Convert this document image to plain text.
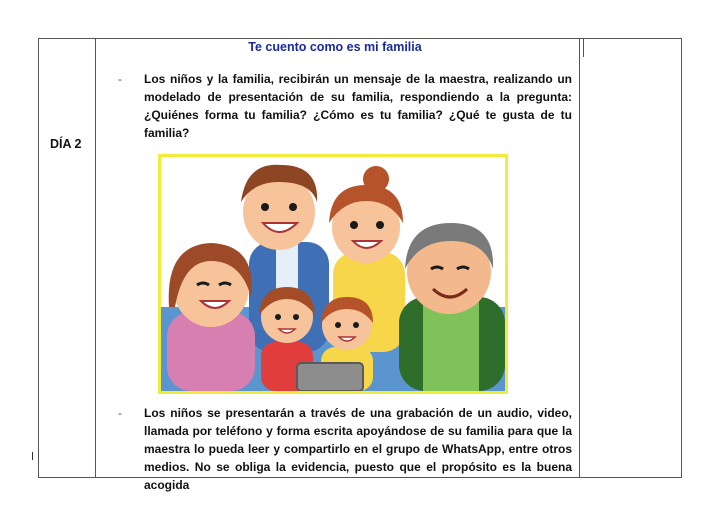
Te cuento como es mi familia
DÍA 2
- Los niños y la familia, recibirán un mensaje de la maestra, realizando un modelado de presentación de su familia, respondiendo a la pregunta: ¿Quiénes forma tu familia? ¿Cómo es tu familia? ¿Qué te gusta de tu familia?
- Los niños se presentarán a través de una grabación de un audio, video, llamada por teléfono y forma escrita apoyándose de su familia para que la maestra lo pueda leer y compartirlo en el grupo de WhatsApp, entre otros medios. No se obliga la evidencia, puesto que el propósito es la buena acogida
